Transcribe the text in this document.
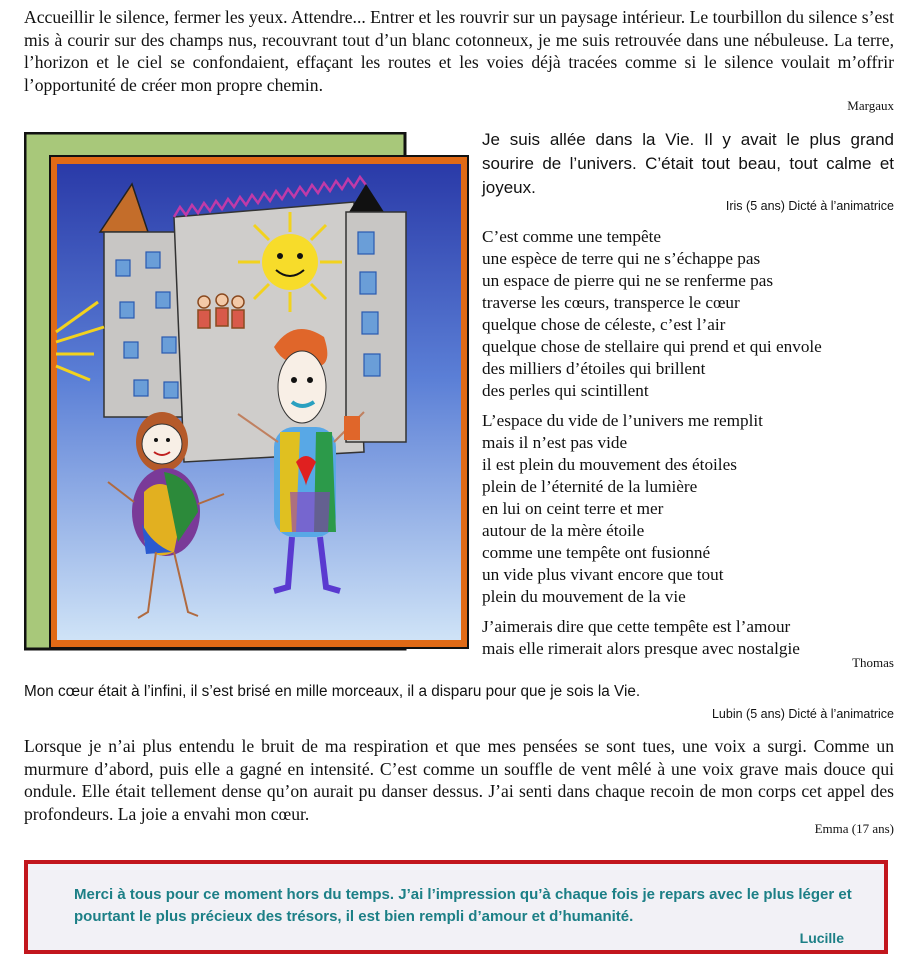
Accueillir le silence, fermer les yeux. Attendre... Entrer et les rouvrir sur un paysage intérieur. Le tourbillon du silence s’est mis à courir sur des champs nus, recouvrant tout d’un blanc cotonneux, je me suis retrouvée dans une nébuleuse. La terre, l’horizon et le ciel se confondaient, effaçant les routes et les voies déjà tracées comme si le silence voulait m’offrir l’opportunité de créer mon propre chemin.

Margaux

Je suis allée dans la Vie. Il y avait le plus grand sourire de l’univers. C’était tout beau, tout calme et joyeux.

Iris (5 ans) Dicté à l’animatrice
C’est comme une tempête
une espèce de terre qui ne s’échappe pas
un espace de pierre qui ne se renferme pas
traverse les cœurs, transperce le cœur
quelque chose de céleste, c’est l’air
quelque chose de stellaire qui prend et qui envole
des milliers d’étoiles qui brillent
des perles qui scintillent
L’espace du vide de l’univers me remplit
mais il n’est pas vide
il est plein du mouvement des étoiles
plein de l’éternité de la lumière
en lui on ceint terre et mer
autour de la mère étoile
comme une tempête ont fusionné
un vide plus vivant encore que tout
plein du mouvement de la vie
J’aimerais dire que cette tempête est l’amour
mais elle rimerait alors presque avec nostalgie
Thomas
Mon cœur était à l’infini, il s’est brisé en mille morceaux, il a disparu pour que je sois la Vie.
Lubin (5 ans) Dicté à l’animatrice

Lorsque je n’ai plus entendu le bruit de ma respiration et que mes pensées se sont tues, une voix a surgi. Comme un murmure d’abord, puis elle a gagné en intensité. C’est comme un souffle de vent mêlé à une voix grave mais douce qui ondule. Elle était tellement dense qu’on aurait pu danser dessus. J’ai senti dans chaque recoin de mon corps cet appel des profondeurs. La joie a envahi mon cœur.

Emma (17 ans)
Merci à tous pour ce moment hors du temps. J’ai l’impression qu’à chaque fois je repars avec le plus léger et pourtant le plus précieux des trésors, il est bien rempli d’amour et d’humanité.
Lucille
